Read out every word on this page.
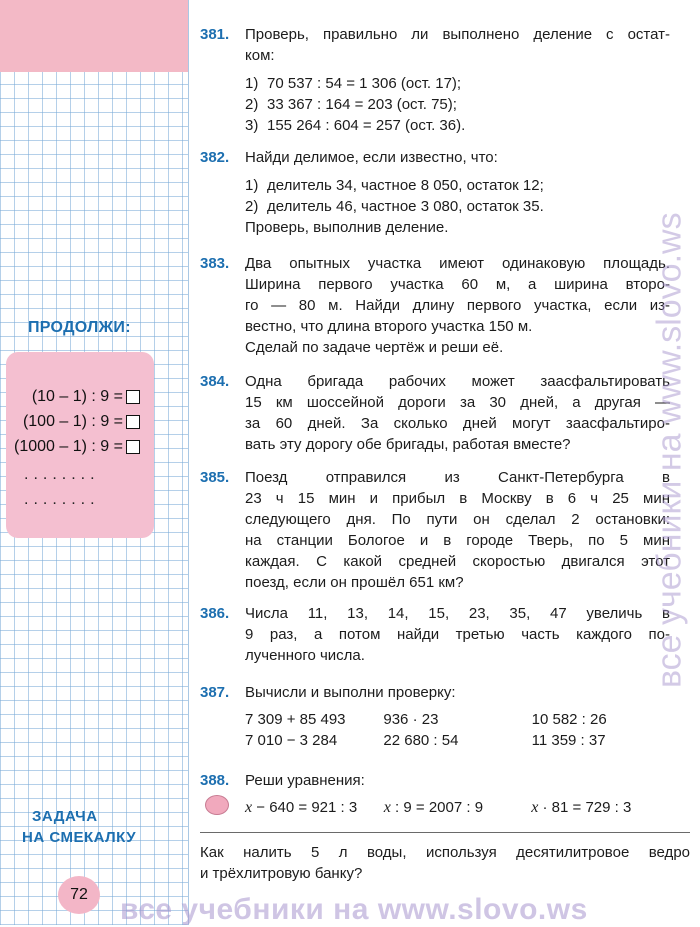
ПРОДОЛЖИ:
(10 – 1) : 9 =
(100 – 1) : 9 =
(1000 – 1) : 9 =
........
........
ЗАДАЧА
НА СМЕКАЛКУ
72
381. Проверь, правильно ли выполнено деление с остат-
ком:
1) 70 537 : 54 = 1 306 (ост. 17);
2) 33 367 : 164 = 203 (ост. 75);
3) 155 264 : 604 = 257 (ост. 36).
382. Найди делимое, если известно, что:
1) делитель 34, частное 8 050, остаток 12;
2) делитель 46, частное 3 080, остаток 35.
Проверь, выполнив деление.
383. Два опытных участка имеют одинаковую площадь.
Ширина первого участка 60 м, а ширина второ-
го — 80 м. Найди длину первого участка, если из-
вестно, что длина второго участка 150 м.
Сделай по задаче чертёж и реши её.
384. Одна бригада рабочих может заасфальтировать
15 км шоссейной дороги за 30 дней, а другая —
за 60 дней. За сколько дней могут заасфальтиро-
вать эту дорогу обе бригады, работая вместе?
385. Поезд отправился из Санкт-Петербурга в
23 ч 15 мин и прибыл в Москву в 6 ч 25 мин
следующего дня. По пути он сделал 2 остановки:
на станции Бологое и в городе Тверь, по 5 мин
каждая. С какой средней скоростью двигался этот
поезд, если он прошёл 651 км?
386. Числа 11, 13, 14, 15, 23, 35, 47 увеличь в
9 раз, а потом найди третью часть каждого по-
лученного числа.
387. Вычисли и выполни проверку:
7 309 + 85 493	936 · 23	10 582 : 26
7 010 − 3 284	22 680 : 54	11 359 : 37
388. Реши уравнения:
x − 640 = 921 : 3	x : 9 = 2007 : 9	x · 81 = 729 : 3
Как налить 5 л воды, используя десятилитровое ведро
и трёхлитровую банку?
все учебники на www.slovo.ws
все учебники на www.slovo.ws
